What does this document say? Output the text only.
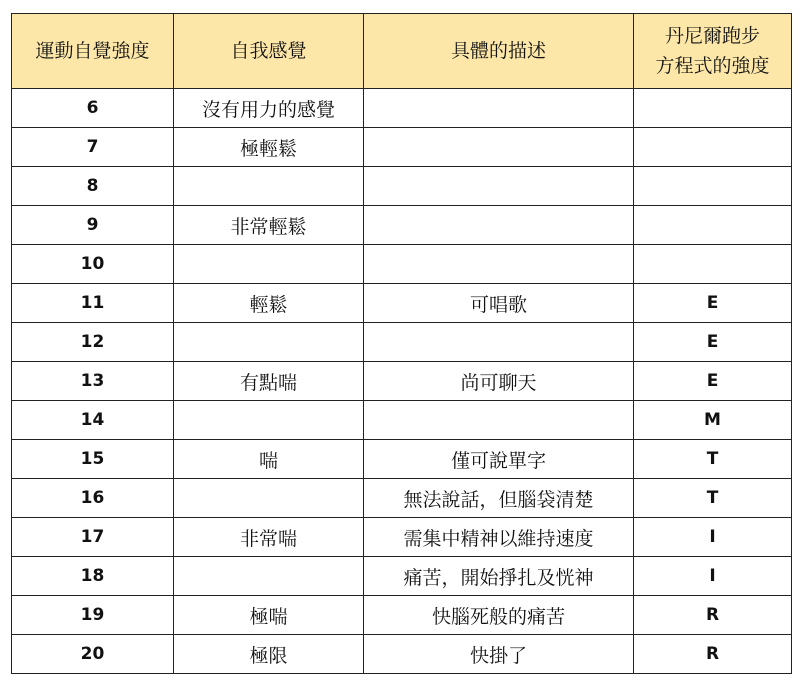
運動自覺強度	自我感覺	具體的描述	丹尼爾跑步
方程式的強度

6	沒有用力的感覺		
7	極輕鬆		
8			
9	非常輕鬆		
10			
11	輕鬆	可唱歌	E
12			E
13	有點喘	尚可聊天	E
14			M
15	喘	僅可說單字	T
16		無法說話，但腦袋清楚	T
17	非常喘	需集中精神以維持速度	I
18		痛苦，開始掙扎及恍神	I
19	極喘	快腦死般的痛苦	R
20	極限	快掛了	R
